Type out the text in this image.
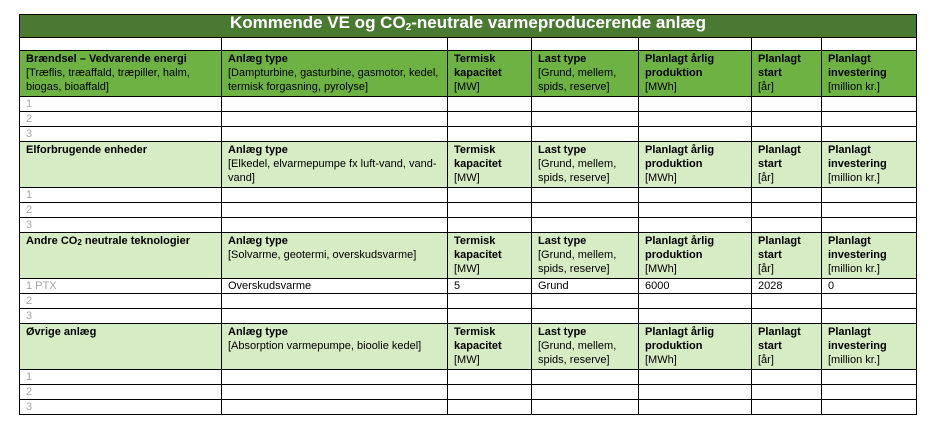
Kommende VE og $CO_2$-neutrale varmeproducerende anlæg						

Brændsel – Vedvarende energi
[Træflis, træaffald, træpiller, halm,
biogas, bioaffald]	Anlæg type
[Dampturbine, gasturbine, gasmotor, kedel,
termisk forgasning, pyrolyse]	Termisk
kapacitet
[MW]	Last type
[Grund, mellem,
spids, reserve]	Planlagt årlig
produktion
[MWh]	Planlagt
start
[år]	Planlagt
investering
[million kr.]

1						
2						
3						

Elforbrugende enheder	Anlæg type
[Elkedel, elvarmepumpe fx luft-vand, vand-
vand]	Termisk
kapacitet
[MW]	Last type
[Grund, mellem,
spids, reserve]	Planlagt årlig
produktion
[MWh]	Planlagt
start
[år]	Planlagt
investering
[million kr.]

1						
2						
3						

Andre $CO_2$ neutrale teknologier	Anlæg type
[Solvarme, geotermi, overskudsvarme]	Termisk
kapacitet
[MW]	Last type
[Grund, mellem,
spids, reserve]	Planlagt årlig
produktion
[MWh]	Planlagt
start
[år]	Planlagt
investering
[million kr.]

1 PTX	Overskudsvarme	5	Grund	6000	2028	0
2						
3						

Øvrige anlæg	Anlæg type
[Absorption varmepumpe, bioolie kedel]	Termisk
kapacitet
[MW]	Last type
[Grund, mellem,
spids, reserve]	Planlagt årlig
produktion
[MWh]	Planlagt
start
[år]	Planlagt
investering
[million kr.]

1						
2						
3						
